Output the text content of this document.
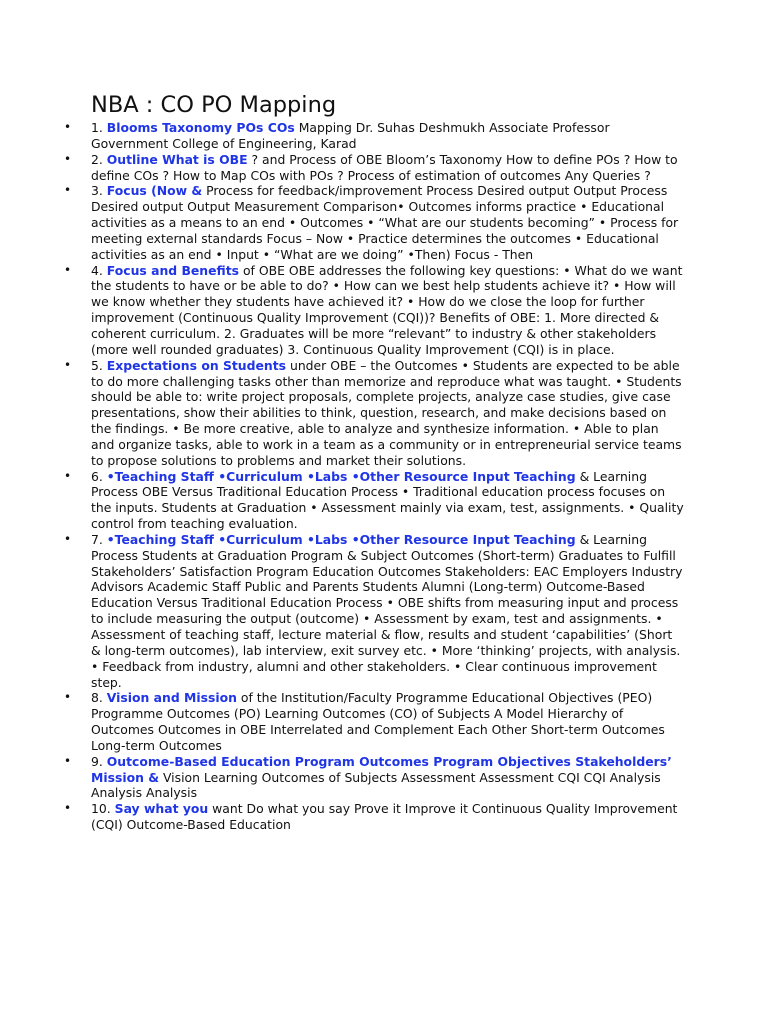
NBA : CO PO Mapping
• 1. Blooms Taxonomy POs COs Mapping Dr. Suhas Deshmukh Associate Professor Government College of Engineering, Karad
• 2. Outline What is OBE ? and Process of OBE Bloom’s Taxonomy How to define POs ? How to define COs ? How to Map COs with POs ? Process of estimation of outcomes Any Queries ?
• 3. Focus (Now & Process for feedback/improvement Process Desired output Output Process Desired output Output Measurement Comparison• Outcomes informs practice • Educational activities as a means to an end • Outcomes • “What are our students becoming” • Process for meeting external standards Focus – Now • Practice determines the outcomes • Educational activities as an end • Input • “What are we doing” •Then) Focus - Then
• 4. Focus and Benefits of OBE OBE addresses the following key questions: • What do we want the students to have or be able to do? • How can we best help students achieve it? • How will we know whether they students have achieved it? • How do we close the loop for further improvement (Continuous Quality Improvement (CQI))? Benefits of OBE: 1. More directed & coherent curriculum. 2. Graduates will be more “relevant” to industry & other stakeholders (more well rounded graduates) 3. Continuous Quality Improvement (CQI) is in place.
• 5. Expectations on Students under OBE – the Outcomes • Students are expected to be able to do more challenging tasks other than memorize and reproduce what was taught. • Students should be able to: write project proposals, complete projects, analyze case studies, give case presentations, show their abilities to think, question, research, and make decisions based on the findings. • Be more creative, able to analyze and synthesize information. • Able to plan and organize tasks, able to work in a team as a community or in entrepreneurial service teams to propose solutions to problems and market their solutions.
• 6. •Teaching Staff •Curriculum •Labs •Other Resource Input Teaching & Learning Process OBE Versus Traditional Education Process • Traditional education process focuses on the inputs. Students at Graduation • Assessment mainly via exam, test, assignments. • Quality control from teaching evaluation.
• 7. •Teaching Staff •Curriculum •Labs •Other Resource Input Teaching & Learning Process Students at Graduation Program & Subject Outcomes (Short-term) Graduates to Fulfill Stakeholders’ Satisfaction Program Education Outcomes Stakeholders: EAC Employers Industry Advisors Academic Staff Public and Parents Students Alumni (Long-term) Outcome-Based Education Versus Traditional Education Process • OBE shifts from measuring input and process to include measuring the output (outcome) • Assessment by exam, test and assignments. • Assessment of teaching staff, lecture material & flow, results and student ‘capabilities’ (Short & long-term outcomes), lab interview, exit survey etc. • More ‘thinking’ projects, with analysis. • Feedback from industry, alumni and other stakeholders. • Clear continuous improvement step.
• 8. Vision and Mission of the Institution/Faculty Programme Educational Objectives (PEO) Programme Outcomes (PO) Learning Outcomes (CO) of Subjects A Model Hierarchy of Outcomes Outcomes in OBE Interrelated and Complement Each Other Short-term Outcomes Long-term Outcomes
• 9. Outcome-Based Education Program Outcomes Program Objectives Stakeholders’ Mission & Vision Learning Outcomes of Subjects Assessment Assessment CQI CQI Analysis Analysis Analysis
• 10. Say what you want Do what you say Prove it Improve it Continuous Quality Improvement (CQI) Outcome-Based Education
